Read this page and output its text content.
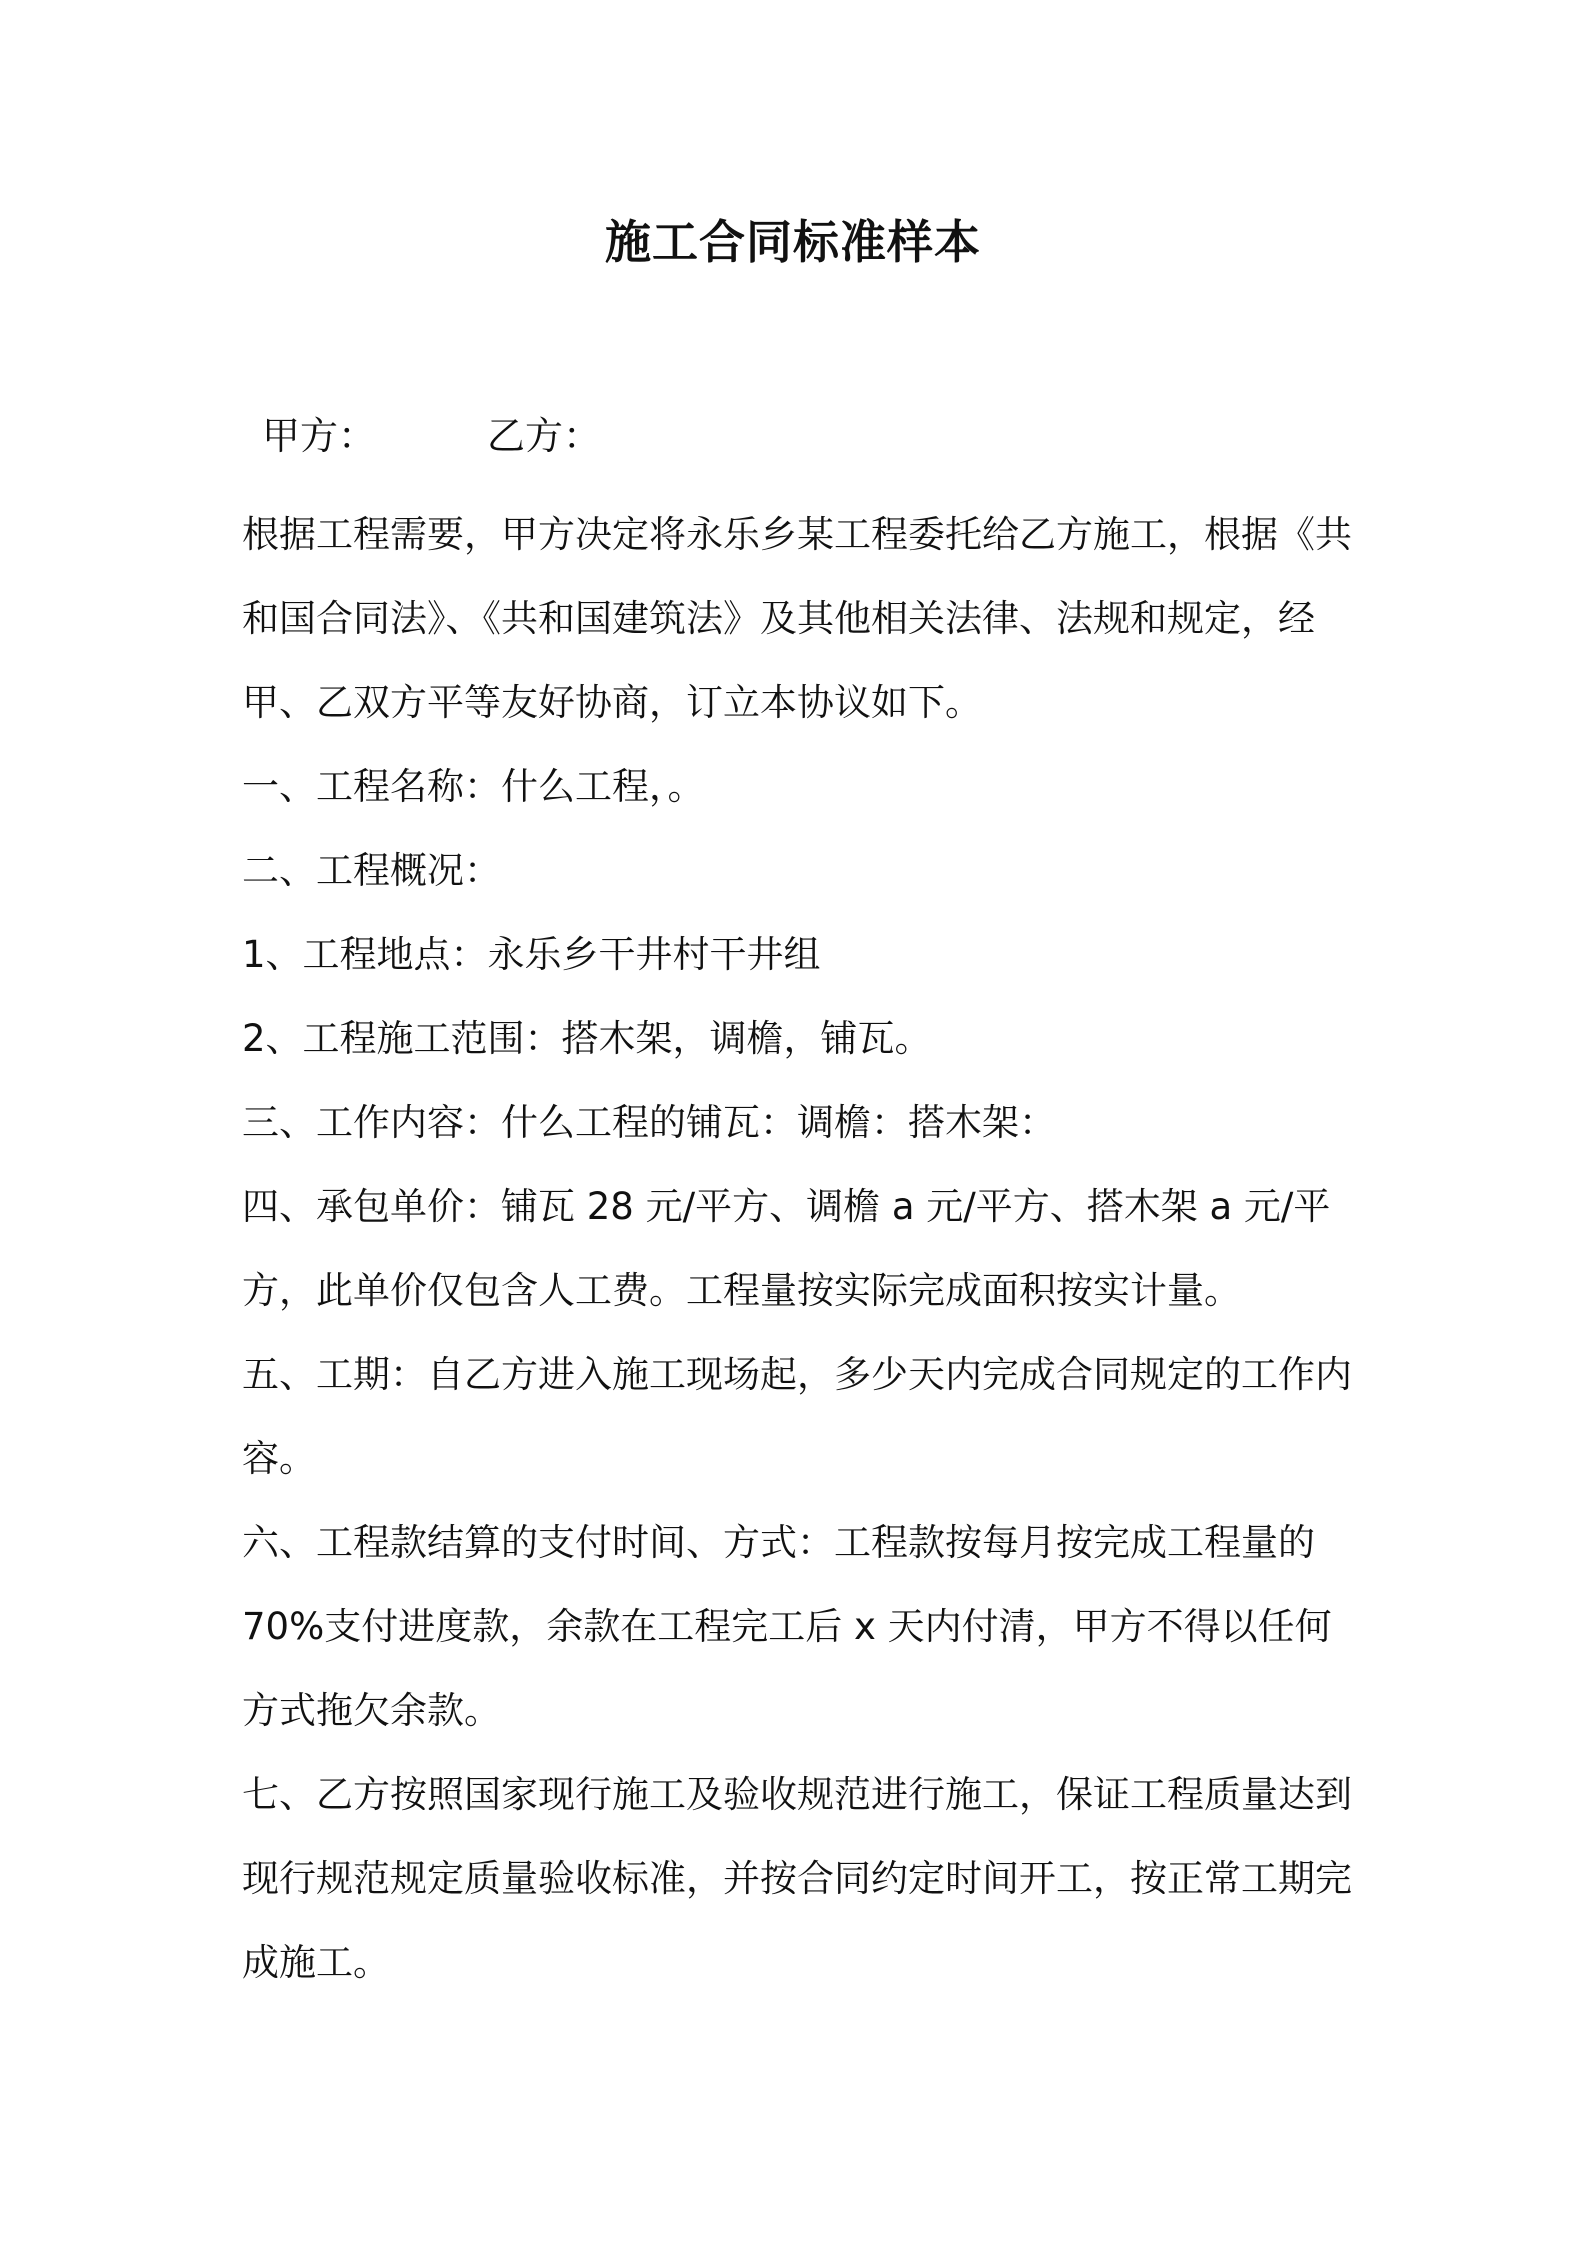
施工合同标准样本
甲方：	乙方：

根据工程需要，甲方决定将永乐乡某工程委托给乙方施工，根据《共和国合同法》、《共和国建筑法》及其他相关法律、法规和规定，经甲、乙双方平等友好协商，订立本协议如下。

一、工程名称：什么工程，。

二、工程概况：

1、工程地点：永乐乡干井村干井组

2、工程施工范围：搭木架，调檐，铺瓦。

三、工作内容：什么工程的铺瓦：调檐：搭木架：

四、承包单价：铺瓦 28 元/平方、调檐 a 元/平方、搭木架 a 元/平方，此单价仅包含人工费。工程量按实际完成面积按实计量。

五、工期：自乙方进入施工现场起，多少天内完成合同规定的工作内容。

六、工程款结算的支付时间、方式：工程款按每月按完成工程量的 70%支付进度款，余款在工程完工后 x 天内付清，甲方不得以任何方式拖欠余款。

七、乙方按照国家现行施工及验收规范进行施工，保证工程质量达到现行规范规定质量验收标准，并按合同约定时间开工，按正常工期完成施工。
